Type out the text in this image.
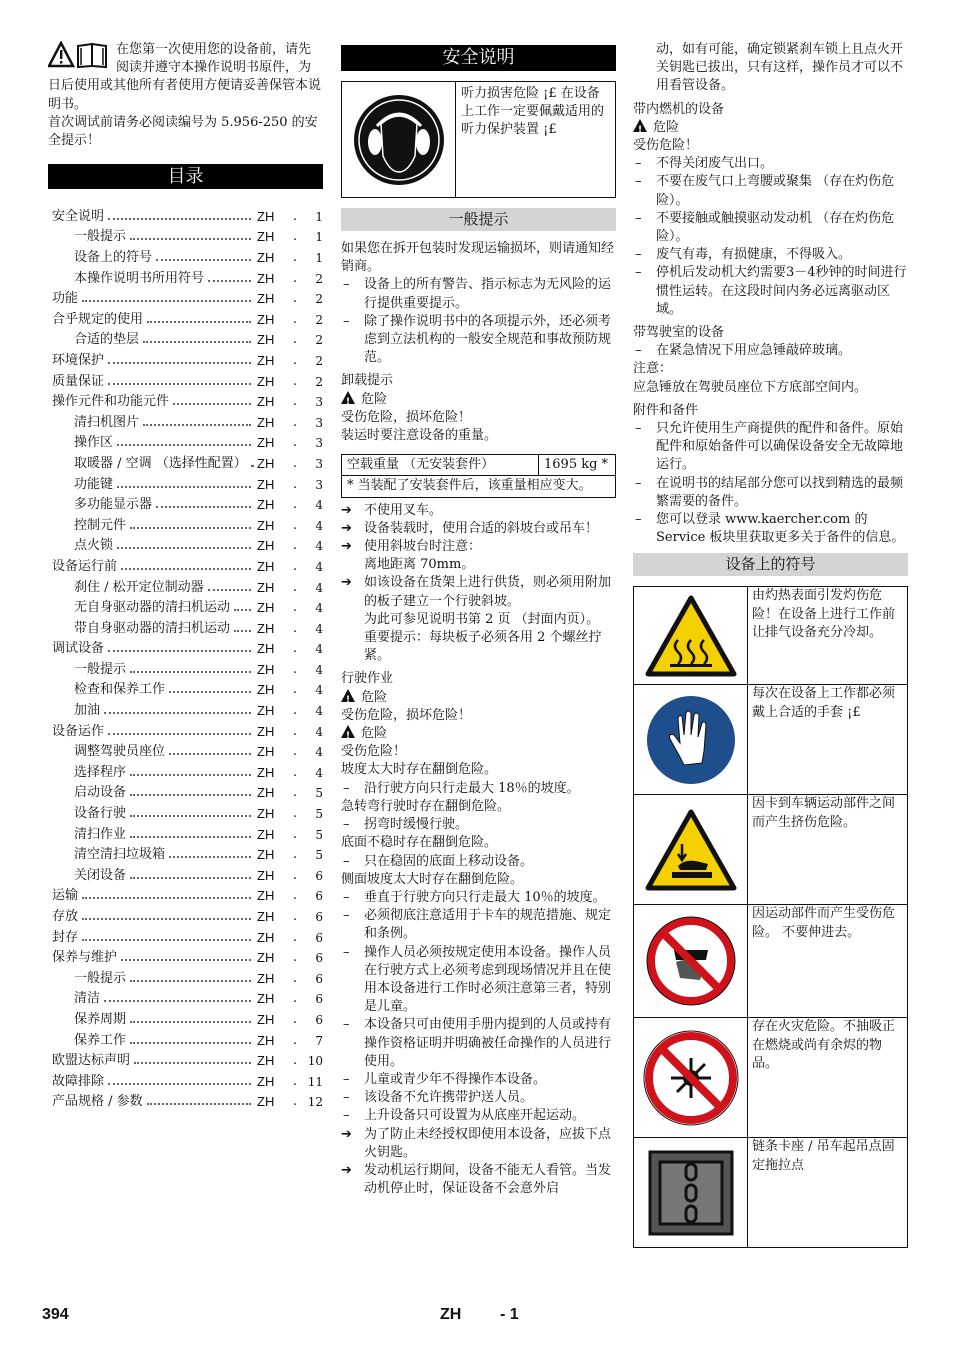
在您第一次使用您的设备前，请先阅读并遵守本操作说明书原件，为日后使用或其他所有者使用方便请妥善保管本说明书。
首次调试前请务必阅读编号为 5.956-250 的安全提示！
目录
安全说明	ZH	.	1
一般提示	ZH	.	1
设备上的符号	ZH	.	1
本操作说明书所用符号	ZH	.	2
功能	ZH	.	2
合乎规定的使用	ZH	.	2
合适的垫层	ZH	.	2
环境保护	ZH	.	2
质量保证	ZH	.	2
操作元件和功能元件	ZH	.	3
清扫机图片	ZH	.	3
操作区	ZH	.	3
取暖器 / 空调 （选择性配置） ZH	.	3
功能键	ZH	.	3
多功能显示器	ZH	.	4
控制元件	ZH	.	4
点火锁	ZH	.	4
设备运行前	ZH	.	4
刹住 / 松开定位制动器	ZH	.	4
无自身驱动器的清扫机运动 ZH	.	4
带自身驱动器的清扫机运动 ZH	.	4
调试设备	ZH	.	4
一般提示	ZH	.	4
检查和保养工作	ZH	.	4
加油	ZH	.	4
设备运作	ZH	.	4
调整驾驶员座位	ZH	.	4
选择程序	ZH	.	4
启动设备	ZH	.	5
设备行驶	ZH	.	5
清扫作业	ZH	.	5
清空清扫垃圾箱	ZH	.	5
关闭设备	ZH	.	6
运输	ZH	.	6
存放	ZH	.	6
封存	ZH	.	6
保养与维护	ZH	.	6
一般提示	ZH	.	6
清洁	ZH	.	6
保养周期	ZH	.	6
保养工作	ZH	.	7
欧盟达标声明	ZH	. 10
故障排除	ZH	. 11
产品规格 / 参数	ZH	. 12
安全说明
听力损害危险 ¡£ 在设备上工作一定要佩戴适用的听力保护装置 ¡£
一般提示
如果您在拆开包装时发现运输损坏，则请通知经销商。
– 设备上的所有警告、指示标志为无风险的运行提供重要提示。
– 除了操作说明书中的各项提示外，还必须考虑到立法机构的一般安全规范和事故预防规范。
卸载提示
!危险
受伤危险，损坏危险！
装运时要注意设备的重量。
空载重量 （无安装套件）	1695 kg *
* 当装配了安装套件后，该重量相应变大。
➔ 不使用叉车。
➔ 设备装载时，使用合适的斜坡台或吊车！
➔ 使用斜坡台时注意：
离地距离 70mm。
➔ 如该设备在货架上进行供货，则必须用附加的板子建立一个行驶斜坡。
为此可参见说明书第 2 页 （封面内页）。
重要提示：每块板子必须各用 2 个螺丝拧紧。
行驶作业
!危险
受伤危险，损坏危险！
!危险
受伤危险！
坡度太大时存在翻倒危险。
– 沿行驶方向只行走最大 18％的坡度。
急转弯行驶时存在翻倒危险。
– 拐弯时缓慢行驶。
底面不稳时存在翻倒危险。
– 只在稳固的底面上移动设备。
侧面坡度太大时存在翻倒危险。
– 垂直于行驶方向只行走最大 10％的坡度。
– 必须彻底注意适用于卡车的规范措施、规定和条例。
– 操作人员必须按规定使用本设备。操作人员在行驶方式上必须考虑到现场情况并且在使用本设备进行工作时必须注意第三者，特别是儿童。
– 本设备只可由使用手册内提到的人员或持有操作资格证明并明确被任命操作的人员进行使用。
– 儿童或青少年不得操作本设备。
– 该设备不允许携带护送人员。
– 上升设备只可设置为从底座开起运动。
➔ 为了防止未经授权即使用本设备，应拔下点火钥匙。
➔ 发动机运行期间，设备不能无人看管。当发动机停止时，保证设备不会意外启
动，如有可能，确定锁紧刹车锁上且点火开关钥匙已拔出，只有这样，操作员才可以不用看管设备。
带内燃机的设备
!危险
受伤危险！
– 不得关闭废气出口。
– 不要在废气口上弯腰或聚集 （存在灼伤危险）。
– 不要接触或触摸驱动发动机 （存在灼伤危险）。
– 废气有毒，有损健康，不得吸入。
– 停机后发动机大约需要3－4秒钟的时间进行惯性运转。在这段时间内务必远离驱动区域。
带驾驶室的设备
– 在紧急情况下用应急锤敲碎玻璃。
注意：
应急锤放在驾驶员座位下方底部空间内。
附件和备件
– 只允许使用生产商提供的配件和备件。原始配件和原始备件可以确保设备安全无故障地运行。
– 在说明书的结尾部分您可以找到精选的最频繁需要的备件。
– 您可以登录 www.kaercher.com 的 Service 板块里获取更多关于备件的信息。
设备上的符号
由灼热表面引发灼伤危险！在设备上进行工作前让排气设备充分冷却。
每次在设备上工作都必须戴上合适的手套 ¡£
因卡到车辆运动部件之间而产生挤伤危险。
因运动部件而产生受伤危险。 不要伸进去。
存在火灾危险。不抽吸正在燃烧或尚有余烬的物品。
链条卡座 / 吊车起吊点固定拖拉点
394	ZH - 1
